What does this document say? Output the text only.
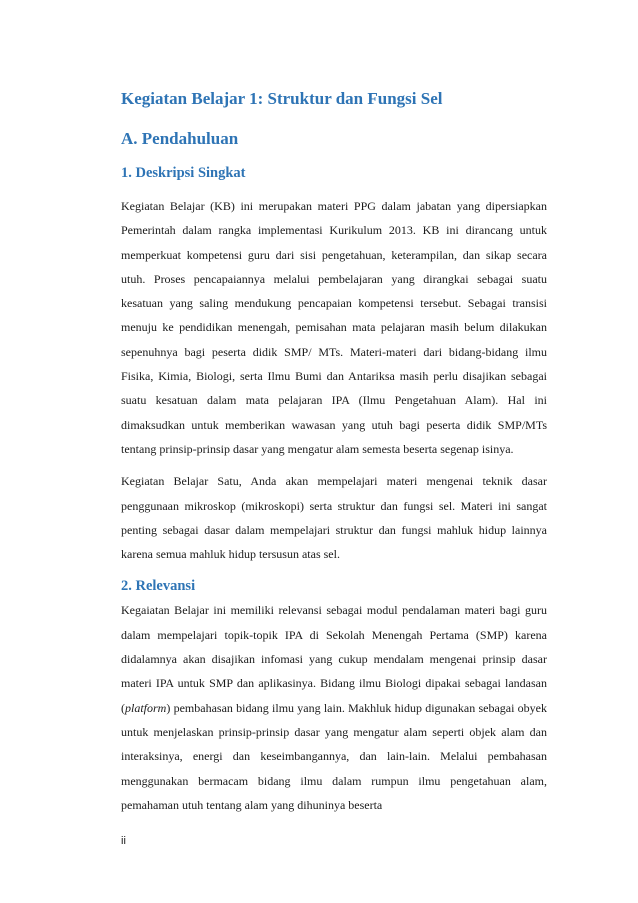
Kegiatan Belajar 1: Struktur dan Fungsi Sel
A. Pendahuluan
1. Deskripsi Singkat

Kegiatan Belajar (KB) ini merupakan materi PPG dalam jabatan yang dipersiapkan Pemerintah dalam rangka implementasi Kurikulum 2013. KB ini dirancang untuk memperkuat kompetensi guru dari sisi pengetahuan, keterampilan, dan sikap secara utuh. Proses pencapaiannya melalui pembelajaran yang dirangkai sebagai suatu kesatuan yang saling mendukung pencapaian kompetensi tersebut. Sebagai transisi menuju ke pendidikan menengah, pemisahan mata pelajaran masih belum dilakukan sepenuhnya bagi peserta didik SMP/ MTs. Materi-materi dari bidang-bidang ilmu Fisika, Kimia, Biologi, serta Ilmu Bumi dan Antariksa masih perlu disajikan sebagai suatu kesatuan dalam mata pelajaran IPA (Ilmu Pengetahuan Alam). Hal ini dimaksudkan untuk memberikan wawasan yang utuh bagi peserta didik SMP/MTs tentang prinsip-prinsip dasar yang mengatur alam semesta beserta segenap isinya.

Kegiatan Belajar Satu, Anda akan mempelajari materi mengenai teknik dasar penggunaan mikroskop (mikroskopi) serta struktur dan fungsi sel. Materi ini sangat penting sebagai dasar dalam mempelajari struktur dan fungsi mahluk hidup lainnya karena semua mahluk hidup tersusun atas sel.

2. Relevansi

Kegaiatan Belajar ini memiliki relevansi sebagai modul pendalaman materi bagi guru dalam mempelajari topik-topik IPA di Sekolah Menengah Pertama (SMP) karena didalamnya akan disajikan infomasi yang cukup mendalam mengenai prinsip dasar materi IPA untuk SMP dan aplikasinya. Bidang ilmu Biologi dipakai sebagai landasan (platform) pembahasan bidang ilmu yang lain. Makhluk hidup digunakan sebagai obyek untuk menjelaskan prinsip-prinsip dasar yang mengatur alam seperti objek alam dan interaksinya, energi dan keseimbangannya, dan lain-lain. Melalui pembahasan menggunakan bermacam bidang ilmu dalam rumpun ilmu pengetahuan alam, pemahaman utuh tentang alam yang dihuninya beserta

ii
